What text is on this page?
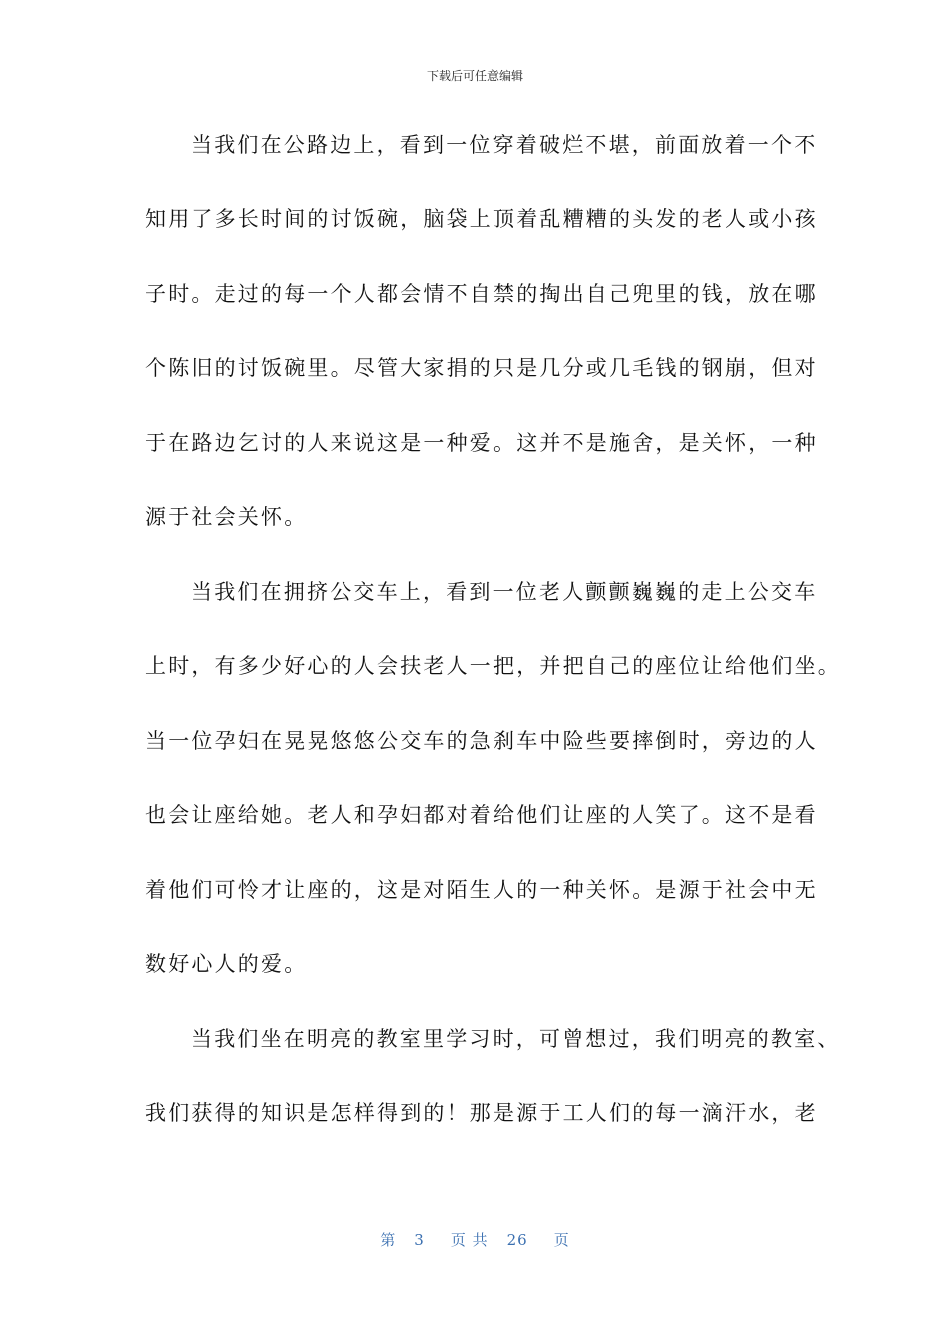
下载后可任意编辑
当我们在公路边上，看到一位穿着破烂不堪，前面放着一个不
知用了多长时间的讨饭碗，脑袋上顶着乱糟糟的头发的老人或小孩
子时。走过的每一个人都会情不自禁的掏出自己兜里的钱，放在哪
个陈旧的讨饭碗里。尽管大家捐的只是几分或几毛钱的钢崩，但对
于在路边乞讨的人来说这是一种爱。这并不是施舍，是关怀，一种
源于社会关怀。
当我们在拥挤公交车上，看到一位老人颤颤巍巍的走上公交车
上时，有多少好心的人会扶老人一把，并把自己的座位让给他们坐。
当一位孕妇在晃晃悠悠公交车的急刹车中险些要摔倒时，旁边的人
也会让座给她。老人和孕妇都对着给他们让座的人笑了。这不是看
着他们可怜才让座的，这是对陌生人的一种关怀。是源于社会中无
数好心人的爱。
当我们坐在明亮的教室里学习时，可曾想过，我们明亮的教室、
我们获得的知识是怎样得到的！那是源于工人们的每一滴汗水，老
第 3 页 共 26 页
